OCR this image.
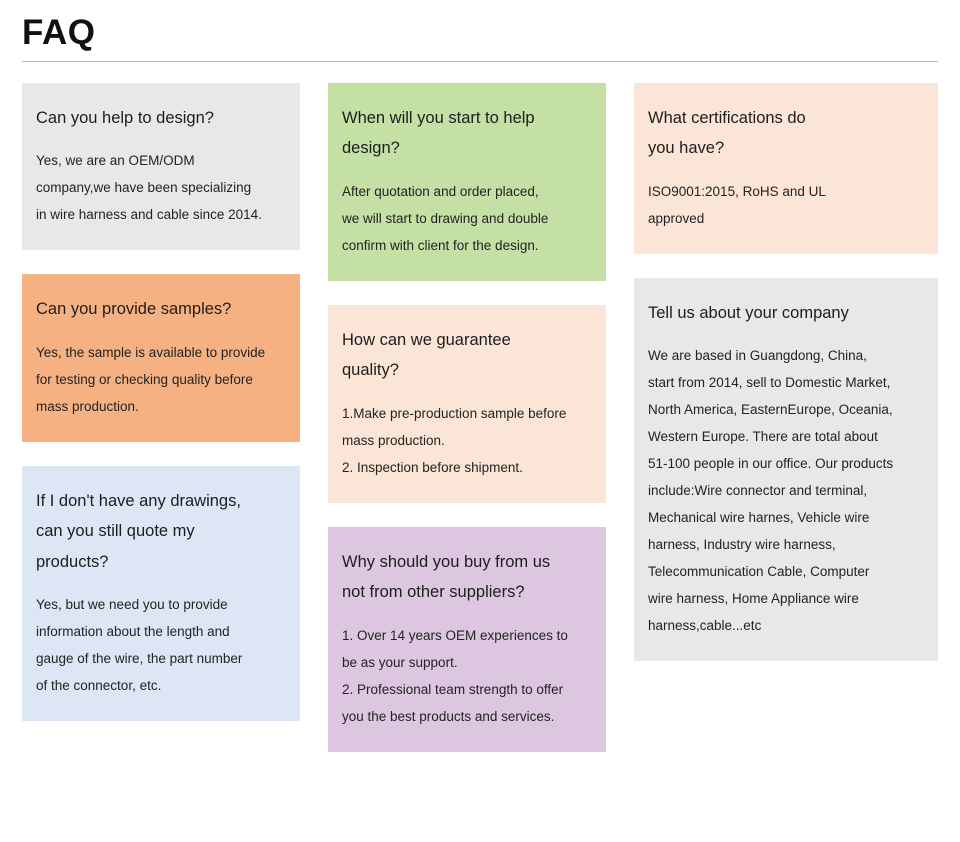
FAQ
Can you help to design?
Yes, we are an OEM/ODM
company,we have been specializing
in wire harness and cable since 2014.
Can you provide samples?
Yes, the sample is available to provide
for testing or checking quality before
mass production.
If I don't have any drawings,
can you still quote my
products?
Yes, but we need you to provide
information about the length and
gauge of the wire, the part number
of the connector, etc.
When will you start to help
design?
After quotation and order placed,
we will start to drawing and double
confirm with client for the design.
How can we guarantee
quality?
1.Make pre-production sample before
mass production.
2. Inspection before shipment.
Why should you buy from us
not from other suppliers?
1. Over 14 years OEM experiences to
be as your support.
2. Professional team strength to offer
you the best products and services.
What certifications do
you have?
ISO9001:2015, RoHS and UL
approved
Tell us about your company
We are based in Guangdong, China,
start from 2014, sell to Domestic Market,
North America, EasternEurope, Oceania,
Western Europe. There are total about
51-100 people in our office. Our products
include:Wire connector and terminal,
Mechanical wire harnes, Vehicle wire
harness, Industry wire harness,
Telecommunication Cable, Computer
wire harness, Home Appliance wire
harness,cable...etc
